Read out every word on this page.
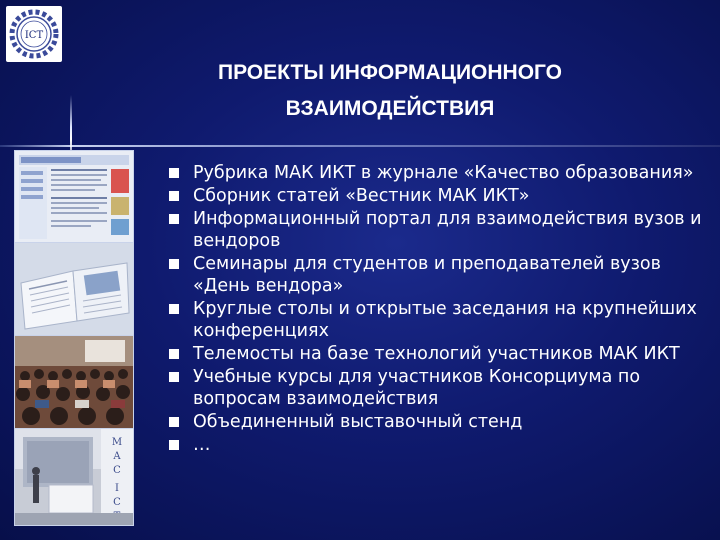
ICT
ПРОЕКТЫ ИНФОРМАЦИОННОГО
ВЗАИМОДЕЙСТВИЯ
M
A
C
I
C
Рубрика МАК ИКТ в журнале «Качество образования»
Сборник статей «Вестник МАК ИКТ»
Информационный портал для взаимодействия вузов и
вендоров
Семинары для студентов и преподавателей вузов
«День вендора»
Круглые столы и открытые заседания на крупнейших
конференциях
Телемосты на базе технологий участников МАК ИКТ
Учебные курсы для участников Консорциума по
вопросам взаимодействия
Объединенный выставочный стенд
…
